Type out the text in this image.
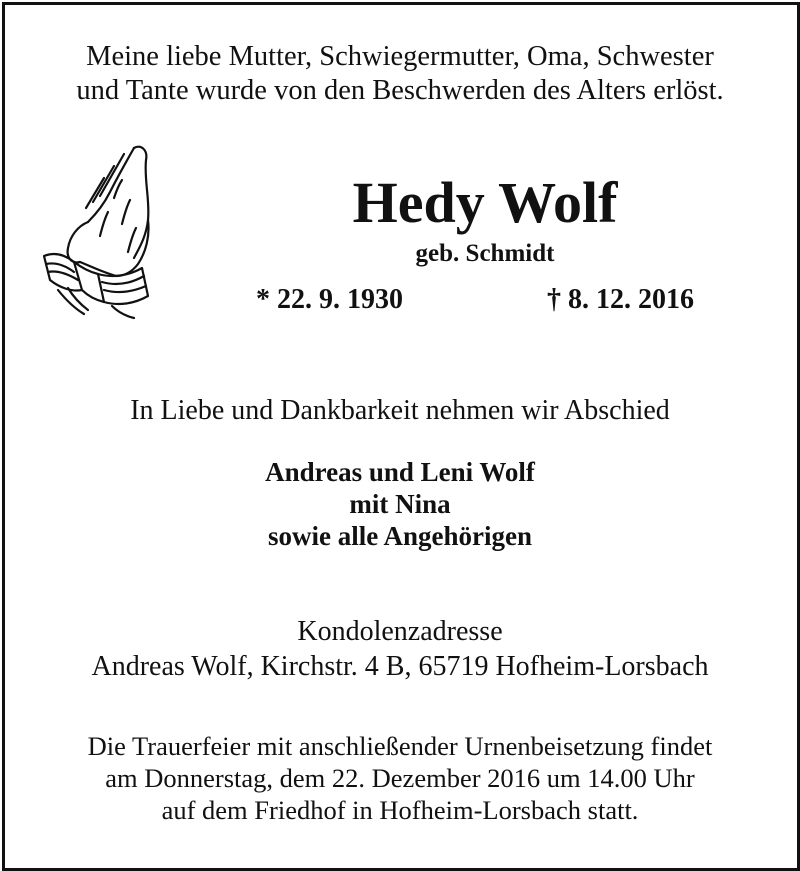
Meine liebe Mutter, Schwiegermutter, Oma, Schwester
und Tante wurde von den Beschwerden des Alters erlöst.
Hedy Wolf
geb. Schmidt
* 22. 9. 1930	† 8. 12. 2016
In Liebe und Dankbarkeit nehmen wir Abschied
Andreas und Leni Wolf
mit Nina
sowie alle Angehörigen
Kondolenzadresse
Andreas Wolf, Kirchstr. 4 B, 65719 Hofheim-Lorsbach
Die Trauerfeier mit anschließender Urnenbeisetzung findet
am Donnerstag, dem 22. Dezember 2016 um 14.00 Uhr
auf dem Friedhof in Hofheim-Lorsbach statt.
